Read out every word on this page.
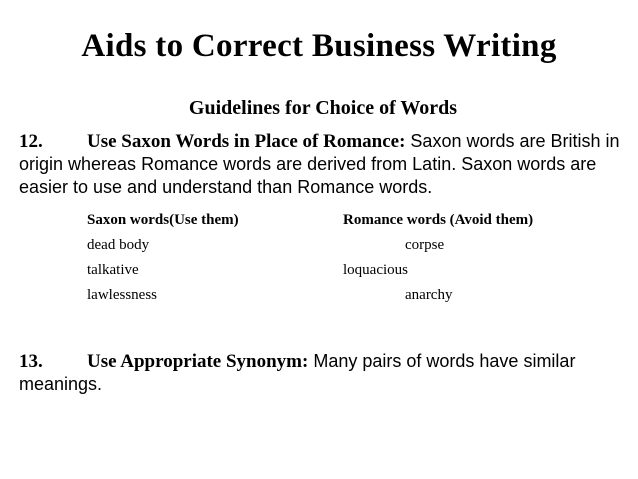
Aids to Correct Business Writing
Guidelines for Choice of Words

12. Use Saxon Words in Place of Romance: Saxon words are British in origin whereas Romance words are derived from Latin. Saxon words are easier to use and understand than Romance words.

Saxon words(Use them)	Romance words (Avoid them)
dead body	corpse
talkative	loquacious
lawlessness	anarchy

13. Use Appropriate Synonym: Many pairs of words have similar meanings.
